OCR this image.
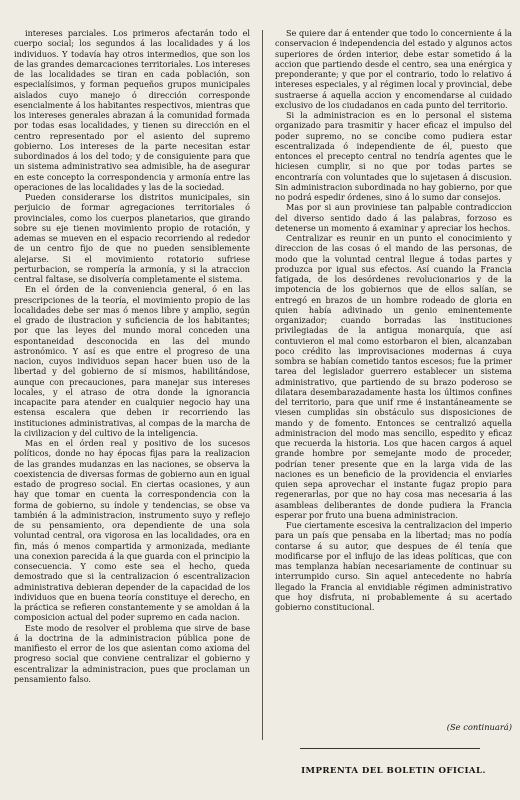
intereses parciales. Los primeros afectarán todo el cuerpo social; los segundos á las localidades y á los individuos. Y todavía hay otros intermedios, que son los de las grandes demarcaciones territoriales. Los intereses de las localidades se tiran en cada población, son especialísimos, y forman pequeños grupos municipales aislados cuyo manejo ó dirección corresponde esencialmente á los habitantes respectivos, mientras que los intereses generales abrazan á la comunidad formada por todas esas localidades, y tienen su dirección en el centro representado por el asiento del supremo gobierno. Los intereses de la parte necesitan estar subordinados á los del todo; y de consiguiente para que un sistema administrativo sea admisible, ha de asegurar en este concepto la correspondencia y armonía entre las operaciones de las localidades y las de la sociedad.

Pueden considerarse los distritos municipales, sin perjuicio de formar agregaciones territoriales ó provinciales, como los cuerpos planetarios, que girando sobre su eje tienen movimiento propio de rotación, y ademas se mueven en el espacio recorriendo al rededor de un centro fijo de que no pueden sensiblemente alejarse. Si el movimiento rotatorio sufriese perturbacion, se rompería la armonía, y si la atraccion central faltase, se disolvería completamente el sistema.

En el órden de la conveniencia general, ó en las prescripciones de la teoría, el movimiento propio de las localidades debe ser mas ó menos libre y amplio, según el grado de ilustracion y suficiencia de los habitantes; por que las leyes del mundo moral conceden una espontaneidad desconocida en las del mundo astronómico. Y así es que entre el progreso de una nacion, cuyos individuos sepan hacer buen uso de la libertad y del gobierno de sí mismos, habilitándose, aunque con precauciones, para manejar sus intereses locales, y el atraso de otra donde la ignorancia incapacite para atender en cualquier negocio hay una estensa escalera que deben ir recorriendo las instituciones administrativas, al compas de la marcha de la civilizacion y del cultivo de la inteligencia.

Mas en el órden real y positivo de los sucesos políticos, donde no hay épocas fijas para la realizacion de las grandes mudanzas en las naciones, se observa la coexistencia de diversas formas de gobierno aun en igual estado de progreso social. En ciertas ocasiones, y aun hay que tomar en cuenta la correspondencia con la forma de gobierno, su índole y tendencias, se obse va también á la administracion, instrumento suyo y reflejo de su pensamiento, ora dependiente de una sola voluntad central, ora vigorosa en las localidades, ora en fin, más ó menos compartida y armonizada, mediante una conexion parecida á la que guarda con el principio la consecuencia. Y como este sea el hecho, queda demostrado que si la centralizacion ó escentralizacion administrativa debieran depender de la capacidad de los individuos que en buena teoría constituye el derecho, en la práctica se refieren constantemente y se amoldan á la composicion actual del poder supremo en cada nacion.

Este modo de resolver el problema que sirve de base á la doctrina de la administracion pública pone de manifiesto el error de los que asientan como axioma del progreso social que conviene centralizar el gobierno y escentralizar la administracion, pues que proclaman un pensamiento falso.

Se quiere dar á entender que todo lo concerniente á la conservacion é independencia del estado y algunos actos superiores de órden interior, debe estar sometido á la accion que partiendo desde el centro, sea una enérgica y preponderante; y que por el contrario, todo lo relativo á intereses especiales, y al régimen local y provincial, debe sustraerse á aquella accion y encomendarse al cuidado exclusivo de los ciudadanos en cada punto del territorio.

Si la administracion es en lo personal el sistema organizado para trasmitir y hacer eficaz el impulso del poder supremo, no se concibe como pudiera estar escentralizada ó independiente de él, puesto que entonces el precepto central no tendría agentes que le hiciesen cumplir, si no que por todas partes se encontraría con voluntades que lo sujetasen á discusion. Sin administracion subordinada no hay gobierno, por que no podrá espedir órdenes, sino á lo sumo dar consejos.

Mas por si aun proviniese tan palpable contradiccion del diverso sentido dado á las palabras, forzoso es detenerse un momento á examinar y apreciar los hechos.

Centralizar es reunir en un punto el conocimiento y direccion de las cosas ó el mando de las personas, de modo que la voluntad central llegue á todas partes y produzca por igual sus efectos. Así cuando la Francia fatigada, de los desórdenes revolucionarios y de la impotencia de los gobiernos que de ellos salían, se entregó en brazos de un hombre rodeado de gloria en quien había adivinado un genio eminentemente organizador; cuando borradas las instituciones privilegiadas de la antigua monarquía, que así contuvieron el mal como estorbaron el bien, alcanzaban poco crédito las improvisaciones modernas á cuya sombra se habían cometido tantos escesos; fue la primer tarea del legislador guerrero establecer un sistema administrativo, que partiendo de su brazo poderoso se dilatara desembarazadamente hasta los últimos confines del territorio, para que unif rme é instantáneamente se viesen cumplidas sin obstáculo sus disposiciones de mando y de fomento. Entonces se centralizó aquella administracion del modo mas sencillo, espedito y eficaz que recuerda la historia. Los que hacen cargos á aquel grande hombre por semejante modo de proceder, podrían tener presente que en la larga vida de las naciones es un beneficio de la providencia el enviarles quien sepa aprovechar el instante fugaz propio para regenerarlas, por que no hay cosa mas necesaria á las asambleas deliberantes de donde pudiera la Francia esperar por fruto una buena administracion.

Fue ciertamente escesiva la centralizacion del imperio para un país que pensaba en la libertad; mas no podía contarse á su autor, que despues de él tenía que modificarse por el influjo de las ideas políticas, que con mas templanza habían necesariamente de continuar su interrumpido curso. Sin aquel antecedente no habría llegado la Francia al envidiable régimen administrativo que hoy disfruta, ni probablemente á su acertado gobierno constitucional.

(Se continuará)
IMPRENTA DEL BOLETIN OFICIAL.
